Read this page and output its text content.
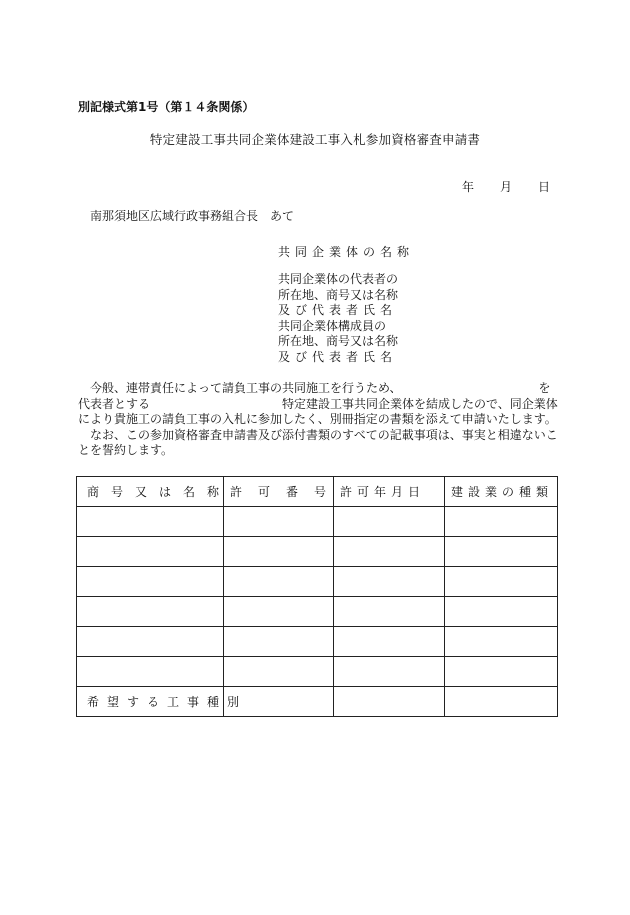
別記様式第1号（第１４条関係）
特定建設工事共同企業体建設工事入札参加資格審査申請書
年 月 日
南那須地区広域行政事務組合長　あて
共同企業体の名称
共同企業体の代表者の
所在地、商号又は名称
及び代表者氏名
共同企業体構成員の
所在地、商号又は名称
及び代表者氏名
　今般、連帯責任によって請負工事の共同施工を行うため、	を
代表者とする	特定建設工事共同企業体を結成したので、同企業体
により貴施工の請負工事の入札に参加したく、別冊指定の書類を添えて申請いたします。
　なお、この参加資格審査申請書及び添付書類のすべての記載事項は、事実と相違ないこ
とを誓約します。
商号又は名称	許可番号	許可年月日	建設業の種類

希望する工事種別			
